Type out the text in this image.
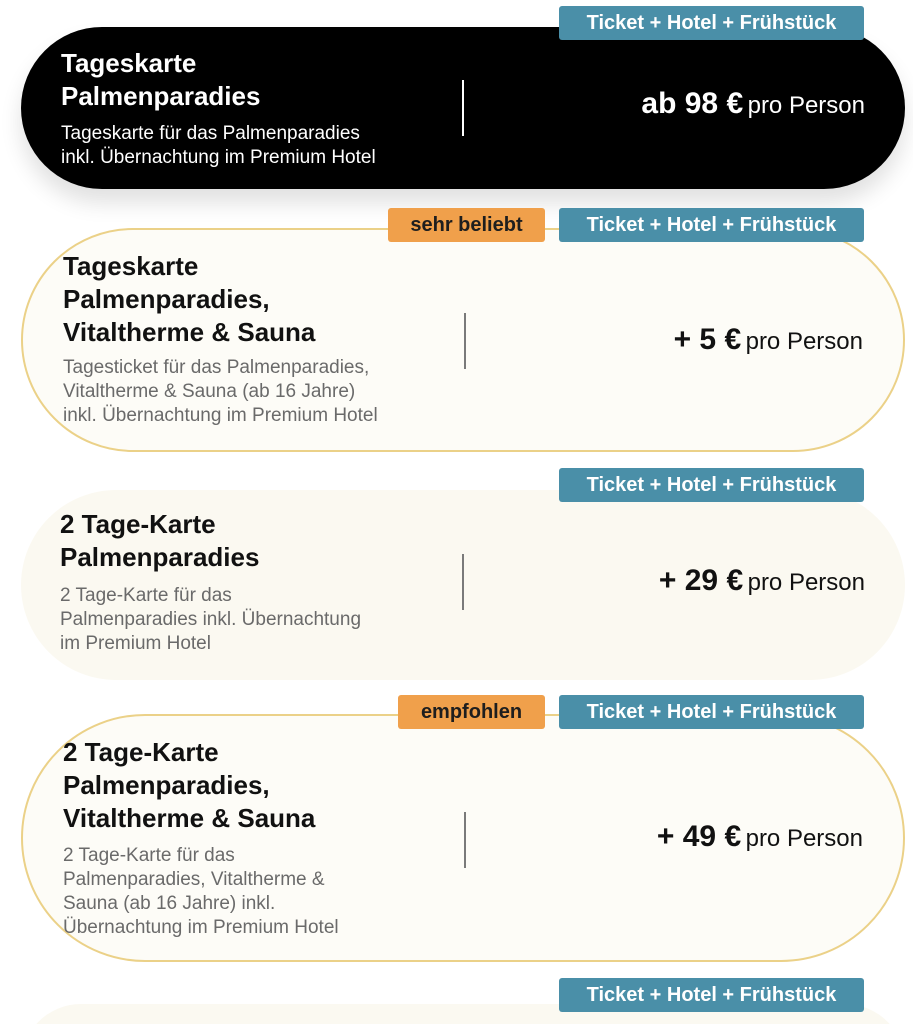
Ticket + Hotel + Frühstück
Tageskarte
Palmenparadies
Tageskarte für das Palmenparadies
inkl. Übernachtung im Premium Hotel
ab 98 € pro Person
sehr beliebt	Ticket + Hotel + Frühstück
Tageskarte
Palmenparadies,
Vitaltherme & Sauna
Tagesticket für das Palmenparadies,
Vitaltherme & Sauna (ab 16 Jahre)
inkl. Übernachtung im Premium Hotel
+ 5 € pro Person
Ticket + Hotel + Frühstück
2 Tage-Karte
Palmenparadies
2 Tage-Karte für das
Palmenparadies inkl. Übernachtung
im Premium Hotel
+ 29 € pro Person
empfohlen	Ticket + Hotel + Frühstück
2 Tage-Karte
Palmenparadies,
Vitaltherme & Sauna
2 Tage-Karte für das
Palmenparadies, Vitaltherme &
Sauna (ab 16 Jahre) inkl.
Übernachtung im Premium Hotel
+ 49 € pro Person
Ticket + Hotel + Frühstück
